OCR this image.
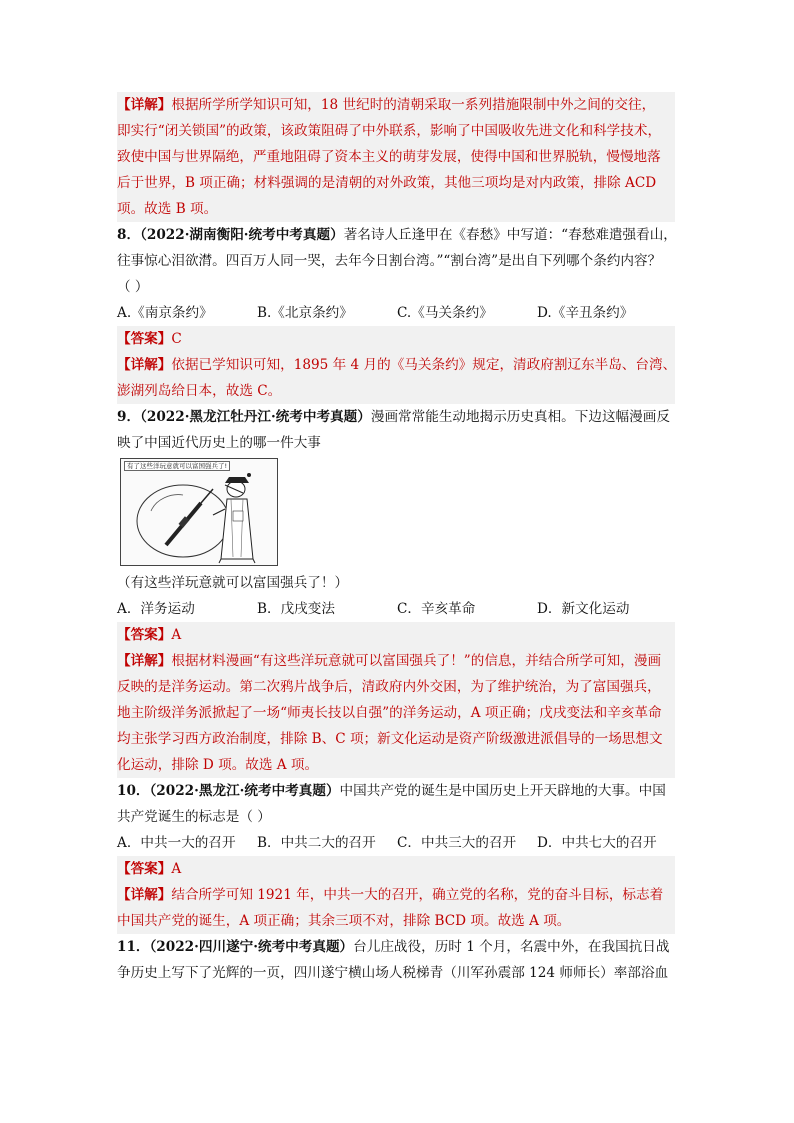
【详解】根据所学所学知识可知，18 世纪时的清朝采取一系列措施限制中外之间的交往，
即实行“闭关锁国”的政策，该政策阻碍了中外联系，影响了中国吸收先进文化和科学技术，
致使中国与世界隔绝，严重地阻碍了资本主义的萌芽发展，使得中国和世界脱轨，慢慢地落
后于世界，B 项正确；材料强调的是清朝的对外政策，其他三项均是对内政策，排除 ACD
项。故选 B 项。
8．（2022·湖南衡阳·统考中考真题）著名诗人丘逢甲在《春愁》中写道：“春愁难遣强看山，
往事惊心泪欲潸。四百万人同一哭，去年今日割台湾。”“割台湾”是出自下列哪个条约内容？
（ ）
A.《南京条约》	B.《北京条约》	C.《马关条约》	D.《辛丑条约》
【答案】C
【详解】依据已学知识可知，1895 年 4 月的《马关条约》规定，清政府割辽东半岛、台湾、
澎湖列岛给日本，故选 C。
9．（2022·黑龙江牡丹江·统考中考真题）漫画常常能生动地揭示历史真相。下边这幅漫画反
映了中国近代历史上的哪一件大事
有了这些洋玩意就可以富国强兵了!
（有这些洋玩意就可以富国强兵了！）
A．洋务运动	B．戊戌变法	C．辛亥革命	D．新文化运动
【答案】A
【详解】根据材料漫画“有这些洋玩意就可以富国强兵了！”的信息，并结合所学可知，漫画
反映的是洋务运动。第二次鸦片战争后，清政府内外交困，为了维护统治，为了富国强兵，
地主阶级洋务派掀起了一场“师夷长技以自强”的洋务运动，A 项正确；戊戌变法和辛亥革命
均主张学习西方政治制度，排除 B、C 项；新文化运动是资产阶级激进派倡导的一场思想文
化运动，排除 D 项。故选 A 项。
10．（2022·黑龙江·统考中考真题）中国共产党的诞生是中国历史上开天辟地的大事。中国
共产党诞生的标志是（ ）
A．中共一大的召开	B．中共二大的召开	C．中共三大的召开	D．中共七大的召开
【答案】A
【详解】结合所学可知 1921 年，中共一大的召开，确立党的名称，党的奋斗目标，标志着
中国共产党的诞生，A 项正确；其余三项不对，排除 BCD 项。故选 A 项。
11．（2022·四川遂宁·统考中考真题）台儿庄战役，历时 1 个月，名震中外，在我国抗日战
争历史上写下了光辉的一页，四川遂宁横山场人税梯青（川军孙震部 124 师师长）率部浴血
